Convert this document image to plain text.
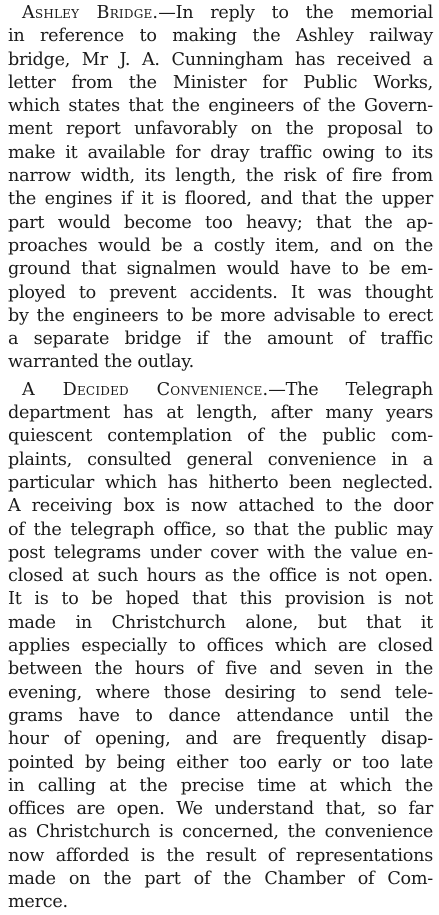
Ashley Bridge.—In reply to the memorial
in reference to making the Ashley railway
bridge, Mr J. A. Cunningham has received a
letter from the Minister for Public Works,
which states that the engineers of the Govern-
ment report unfavorably on the proposal to
make it available for dray traffic owing to its
narrow width, its length, the risk of fire from
the engines if it is floored, and that the upper
part would become too heavy; that the ap-
proaches would be a costly item, and on the
ground that signalmen would have to be em-
ployed to prevent accidents. It was thought
by the engineers to be more advisable to erect
a separate bridge if the amount of traffic
warranted the outlay.
A Decided Convenience.—The Telegraph
department has at length, after many years
quiescent contemplation of the public com-
plaints, consulted general convenience in a
particular which has hitherto been neglected.
A receiving box is now attached to the door
of the telegraph office, so that the public may
post telegrams under cover with the value en-
closed at such hours as the office is not open.
It is to be hoped that this provision is not
made in Christchurch alone, but that it
applies especially to offices which are closed
between the hours of five and seven in the
evening, where those desiring to send tele-
grams have to dance attendance until the
hour of opening, and are frequently disap-
pointed by being either too early or too late
in calling at the precise time at which the
offices are open. We understand that, so far
as Christchurch is concerned, the convenience
now afforded is the result of representations
made on the part of the Chamber of Com-
merce.
